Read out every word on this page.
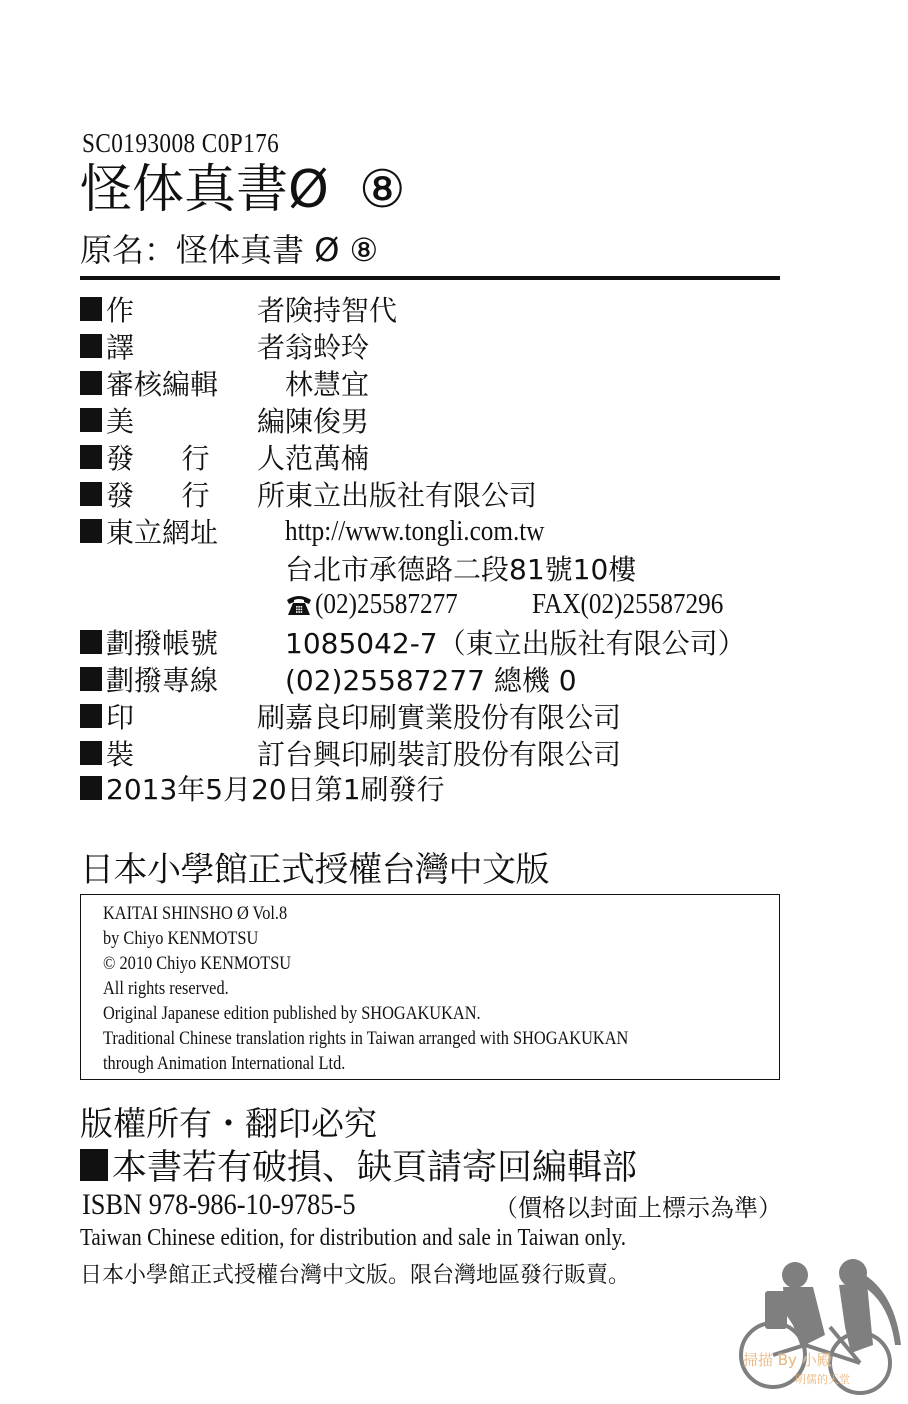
SC0193008 C0P176
怪体真書Ø ⑧
原名：怪体真書 Ø ⑧
作	者 険持智代
譯	者 翁蛉玲
審核編輯 林慧宜
美	編 陳俊男
發 行 人 范萬楠
發 行 所 東立出版社有限公司
東立網址 http://www.tongli.com.tw
台北市承德路二段81號10樓
(02)25587277	FAX(02)25587296
劃撥帳號 1085042-7（東立出版社有限公司）
劃撥專線 (02)25587277 總機 0
印	刷 嘉良印刷實業股份有限公司
裝	訂 台興印刷裝訂股份有限公司
2013年5月20日第1刷發行
日本小學館正式授權台灣中文版
KAITAI SHINSHO Ø Vol.8
by Chiyo KENMOTSU
© 2010 Chiyo KENMOTSU
All rights reserved.
Original Japanese edition published by SHOGAKUKAN.
Traditional Chinese translation rights in Taiwan arranged with SHOGAKUKAN
through Animation International Ltd.
版權所有・翻印必究
本書若有破損、缺頁請寄回編輯部
ISBN 978-986-10-9785-5	（價格以封面上標示為準）
Taiwan Chinese edition, for distribution and sale in Taiwan only.
日本小學館正式授權台灣中文版。限台灣地區發行販賣。
掃描 By 小殿
明儒的天堂
